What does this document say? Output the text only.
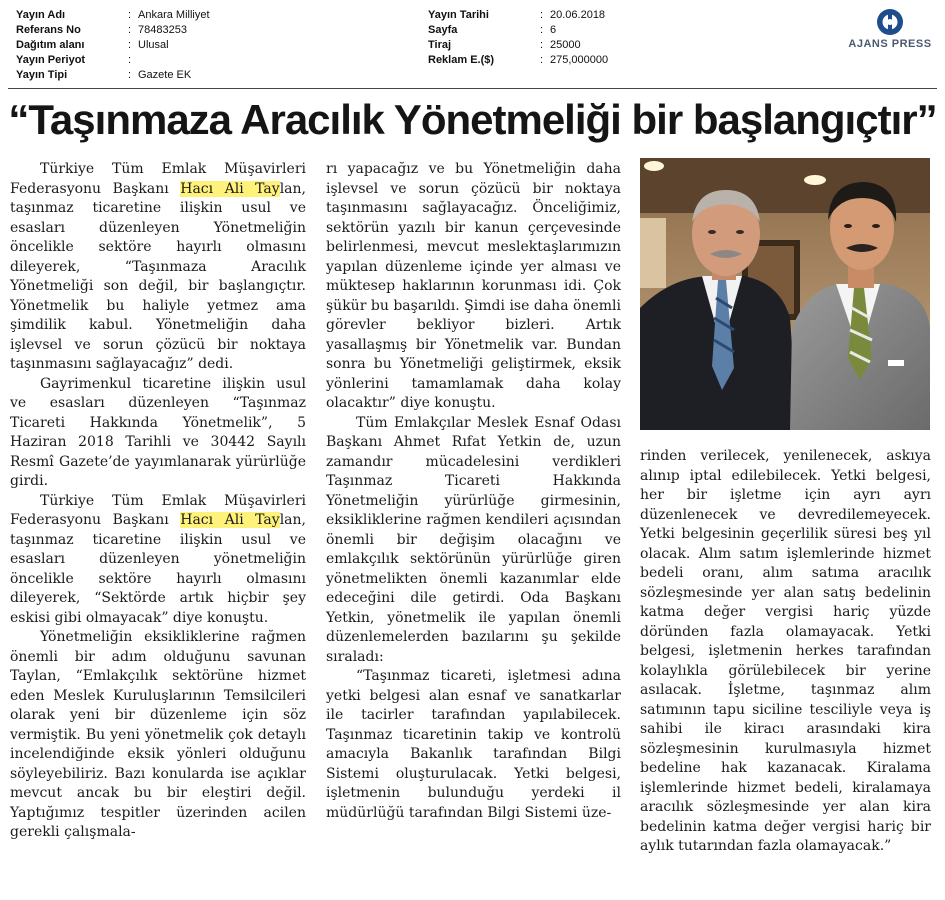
Yayın Adı	: Ankara Milliyet
Referans No	: 78483253
Dağıtım alanı	: Ulusal
Yayın Periyot	:
Yayın Tipi	: Gazete EK
Yayın Tarihi	: 20.06.2018
Sayfa	: 6
Tiraj	: 25000
Reklam E.($)	: 275,000000
AJANS PRESS
“Taşınmaza Aracılık Yönetmeliği bir başlangıçtır”

Türkiye Tüm Emlak Müşavirleri Federasyonu Başkanı Hacı Ali Taylan, taşınmaz ticaretine ilişkin usul ve esasları düzenleyen Yönetmeliğin öncelikle sektöre hayırlı olmasını dileyerek, “Taşınmaza Aracılık Yönetmeliği son değil, bir başlangıçtır. Yönetmelik bu haliyle yetmez ama şimdilik kabul. Yönetmeliğin daha işlevsel ve sorun çözücü bir noktaya taşınmasını sağlayacağız” dedi.

Gayrimenkul ticaretine ilişkin usul ve esasları düzenleyen “Taşınmaz Ticareti Hakkında Yönetmelik”, 5 Haziran 2018 Tarihli ve 30442 Sayılı Resmî Gazete’de yayımlanarak yürürlüğe girdi.

Türkiye Tüm Emlak Müşavirleri Federasyonu Başkanı Hacı Ali Taylan, taşınmaz ticaretine ilişkin usul ve esasları düzenleyen yönetmeliğin öncelikle sektöre hayırlı olmasını dileyerek, “Sektörde artık hiçbir şey eskisi gibi olmayacak” diye konuştu.

Yönetmeliğin eksikliklerine rağmen önemli bir adım olduğunu savunan Taylan, “Emlakçılık sektörüne hizmet eden Meslek Kuruluşlarının Temsilcileri olarak yeni bir düzenleme için söz vermiştik. Bu yeni yönetmelik çok detaylı incelendiğinde eksik yönleri olduğunu söyleyebiliriz. Bazı konularda ise açıklar mevcut ancak bu bir eleştiri değil. Yaptığımız tespitler üzerinden acilen gerekli çalışmala-

rı yapacağız ve bu Yönetmeliğin daha işlevsel ve sorun çözücü bir noktaya taşınmasını sağlayacağız. Önceliğimiz, sektörün yazılı bir kanun çerçevesinde belirlenmesi, mevcut meslektaşlarımızın yapılan düzenleme içinde yer alması ve müktesep haklarının korunması idi. Çok şükür bu başarıldı. Şimdi ise daha önemli görevler bekliyor bizleri. Artık yasallaşmış bir Yönetmelik var. Bundan sonra bu Yönetmeliği geliştirmek, eksik yönlerini tamamlamak daha kolay olacaktır” diye konuştu.

Tüm Emlakçılar Meslek Esnaf Odası Başkanı Ahmet Rıfat Yetkin de, uzun zamandır mücadelesini verdikleri Taşınmaz Ticareti Hakkında Yönetmeliğin yürürlüğe girmesinin, eksikliklerine rağmen kendileri açısından önemli bir değişim olacağını ve emlakçılık sektörünün yürürlüğe giren yönetmelikten önemli kazanımlar elde edeceğini dile getirdi. Oda Başkanı Yetkin, yönetmelik ile yapılan önemli düzenlemelerden bazılarını şu şekilde sıraladı:

“Taşınmaz ticareti, işletmesi adına yetki belgesi alan esnaf ve sanatkarlar ile tacirler tarafından yapılabilecek. Taşınmaz ticaretinin takip ve kontrolü amacıyla Bakanlık tarafından Bilgi Sistemi oluşturulacak. Yetki belgesi, işletmenin bulunduğu yerdeki il müdürlüğü tarafından Bilgi Sistemi üze-

rinden verilecek, yenilenecek, askıya alınıp iptal edilebilecek. Yetki belgesi, her bir işletme için ayrı ayrı düzenlenecek ve devredilemeyecek. Yetki belgesinin geçerlilik süresi beş yıl olacak. Alım satım işlemlerinde hizmet bedeli oranı, alım satıma aracılık sözleşmesinde yer alan satış bedelinin katma değer vergisi hariç yüzde döründen fazla olamayacak. Yetki belgesi, işletmenin herkes tarafından kolaylıkla görülebilecek bir yerine asılacak. İşletme, taşınmaz alım satımının tapu siciline tesciliyle veya iş sahibi ile kiracı arasındaki kira sözleşmesinin kurulmasıyla hizmet bedeline hak kazanacak. Kiralama işlemlerinde hizmet bedeli, kiralamaya aracılık sözleşmesinde yer alan kira bedelinin katma değer vergisi hariç bir aylık tutarından fazla olamayacak.”
